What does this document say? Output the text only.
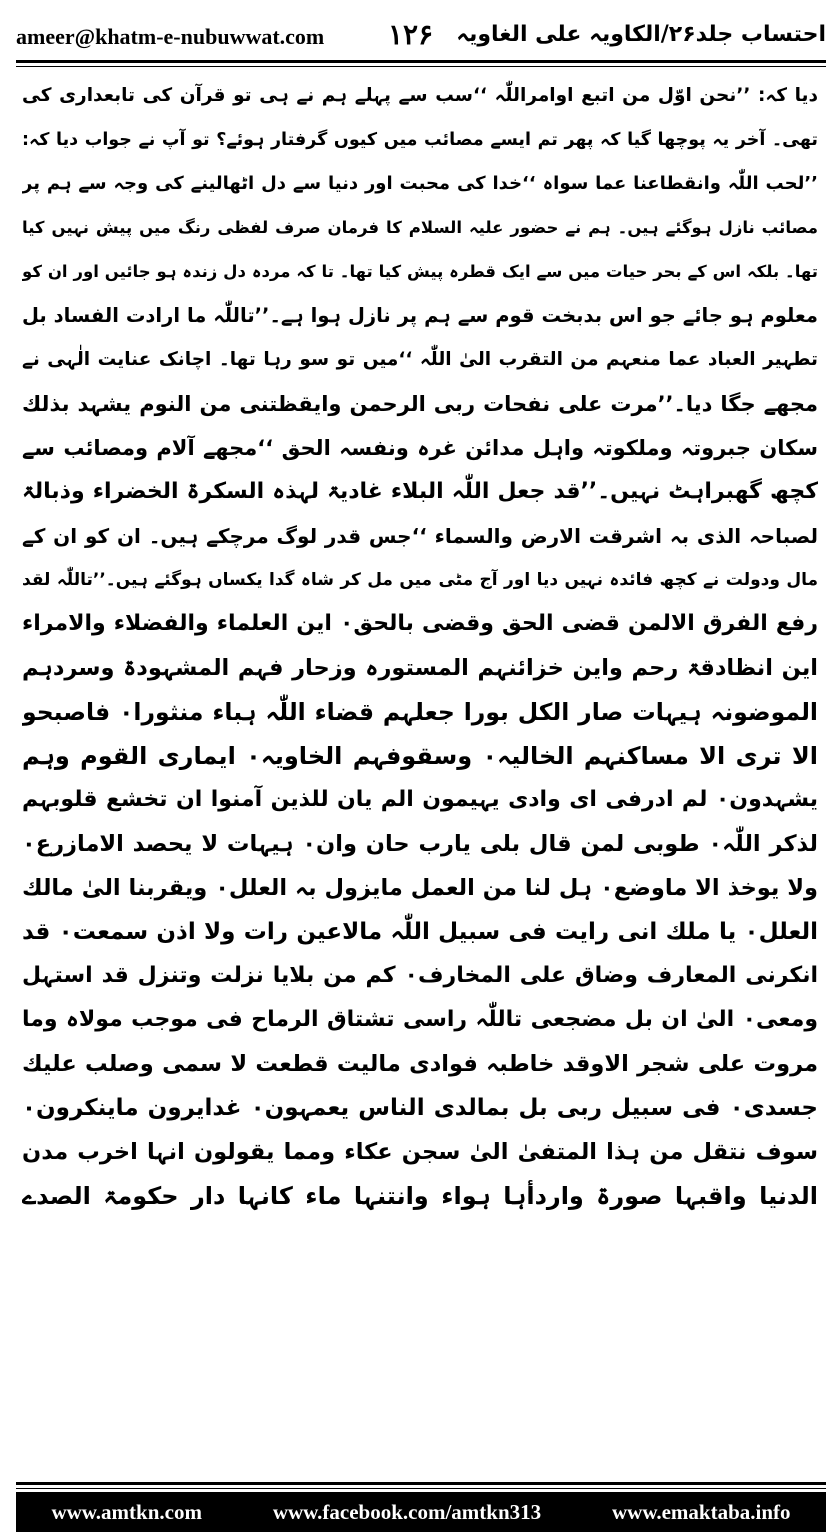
ameer@khatm-e-nubuwwat.com ۱۲۶ احتساب جلد۲۶/الکاویہ علی الغاویہ
دیا کہ: ’’نحن اوّل من اتبع اوامراللّٰہ ‘‘سب سے پہلے ہم نے ہی تو قرآن کی تابعداری کی
تھی۔ آخر یہ پوچھا گیا کہ پھر تم ایسے مصائب میں کیوں گرفتار ہوئے؟ تو آپ نے جواب دیا کہ:
’’لحب اللّٰہ وانقطاعنا عما سواہ ‘‘خدا کی محبت اور دنیا سے دل اٹھالینے کی وجہ سے ہم پر
مصائب نازل ہوگئے ہیں۔ ہم نے حضور علیہ السلام کا فرمان صرف لفظی رنگ میں پیش نہیں کیا
تھا۔ بلکہ اس کے بحر حیات میں سے ایک قطرہ پیش کیا تھا۔ تا کہ مردہ دل زندہ ہو جائیں اور ان کو
معلوم ہو جائے جو اس بدبخت قوم سے ہم پر نازل ہوا ہے۔’’تاللّٰہ ما ارادت الفساد بل
تطہیر العباد عما منعہم من التقرب الیٰ اللّٰہ ‘‘میں تو سو رہا تھا۔ اچانک عنایت الٰہی نے
مجھے جگا دیا۔’’مرت علی نفحات ربی الرحمن وایقظتنی من النوم یشہد بذلك
سکان جبروتہ وملکوتہ واہل مدائن غرہ ونفسہ الحق ‘‘مجھے آلام ومصائب سے
کچھ گھبراہٹ نہیں۔’’قد جعل اللّٰہ البلاء غادیۃ لہذہ السکرۃ الخضراء وذبالۃ
لصباحہ الذی بہ اشرقت الارض والسماء ‘‘جس قدر لوگ مرچکے ہیں۔ ان کو ان کے
مال ودولت نے کچھ فائدہ نہیں دیا اور آج مٹی میں مل کر شاہ گدا یکساں ہوگئے ہیں۔’’تاللّٰہ لقد
رفع الفرق الالمن قضی الحق وقضی بالحق۰ این العلماء والفضلاء والامراء
این انظادقۃ رحم واین خزائنہم المستورہ وزحار فہم المشہودۃ وسردہم
الموضونہ ہیہات صار الکل بورا جعلہم قضاء اللّٰہ ہباء منثورا۰ فاصبحو
الا تری الا مساکنہم الخالیہ۰ وسقوفہم الخاویہ۰ ایماری القوم وہم
یشہدون۰ لم ادرفی ای وادی یہیمون الم یان للذین آمنوا ان تخشع قلوبہم
لذکر اللّٰہ۰ طوبی لمن قال بلی یارب حان وان۰ ہیہات لا یحصد الامازرع۰
ولا یوخذ الا ماوضع۰ ہل لنا من العمل مایزول بہ العلل۰ ویقربنا الیٰ مالك
العلل۰ یا ملك انی رایت فی سبیل اللّٰہ مالاعین رات ولا اذن سمعت۰ قد
انکرنی المعارف وضاق علی المخارف۰ کم من بلایا نزلت وتنزل قد استہل
ومعی۰ الیٰ ان بل مضجعی تاللّٰہ راسی تشتاق الرماح فی موجب مولاہ وما
مروت علی شجر الاوقد خاطبہ فوادی مالیت قطعت لا سمی وصلب علیك
جسدی۰ فی سبیل ربی بل بمالدی الناس یعمہون۰ غدایرون ماینکرون۰
سوف نتقل من ہذا المتفیٰ الیٰ سجن عکاء ومما یقولون انہا اخرب مدن
الدنیا واقبہا صورۃ واردأہا ہواء وانتنہا ماء کانہا دار حکومۃ الصدے
www.amtkn.com	www.facebook.com/amtkn313	www.emaktaba.info
